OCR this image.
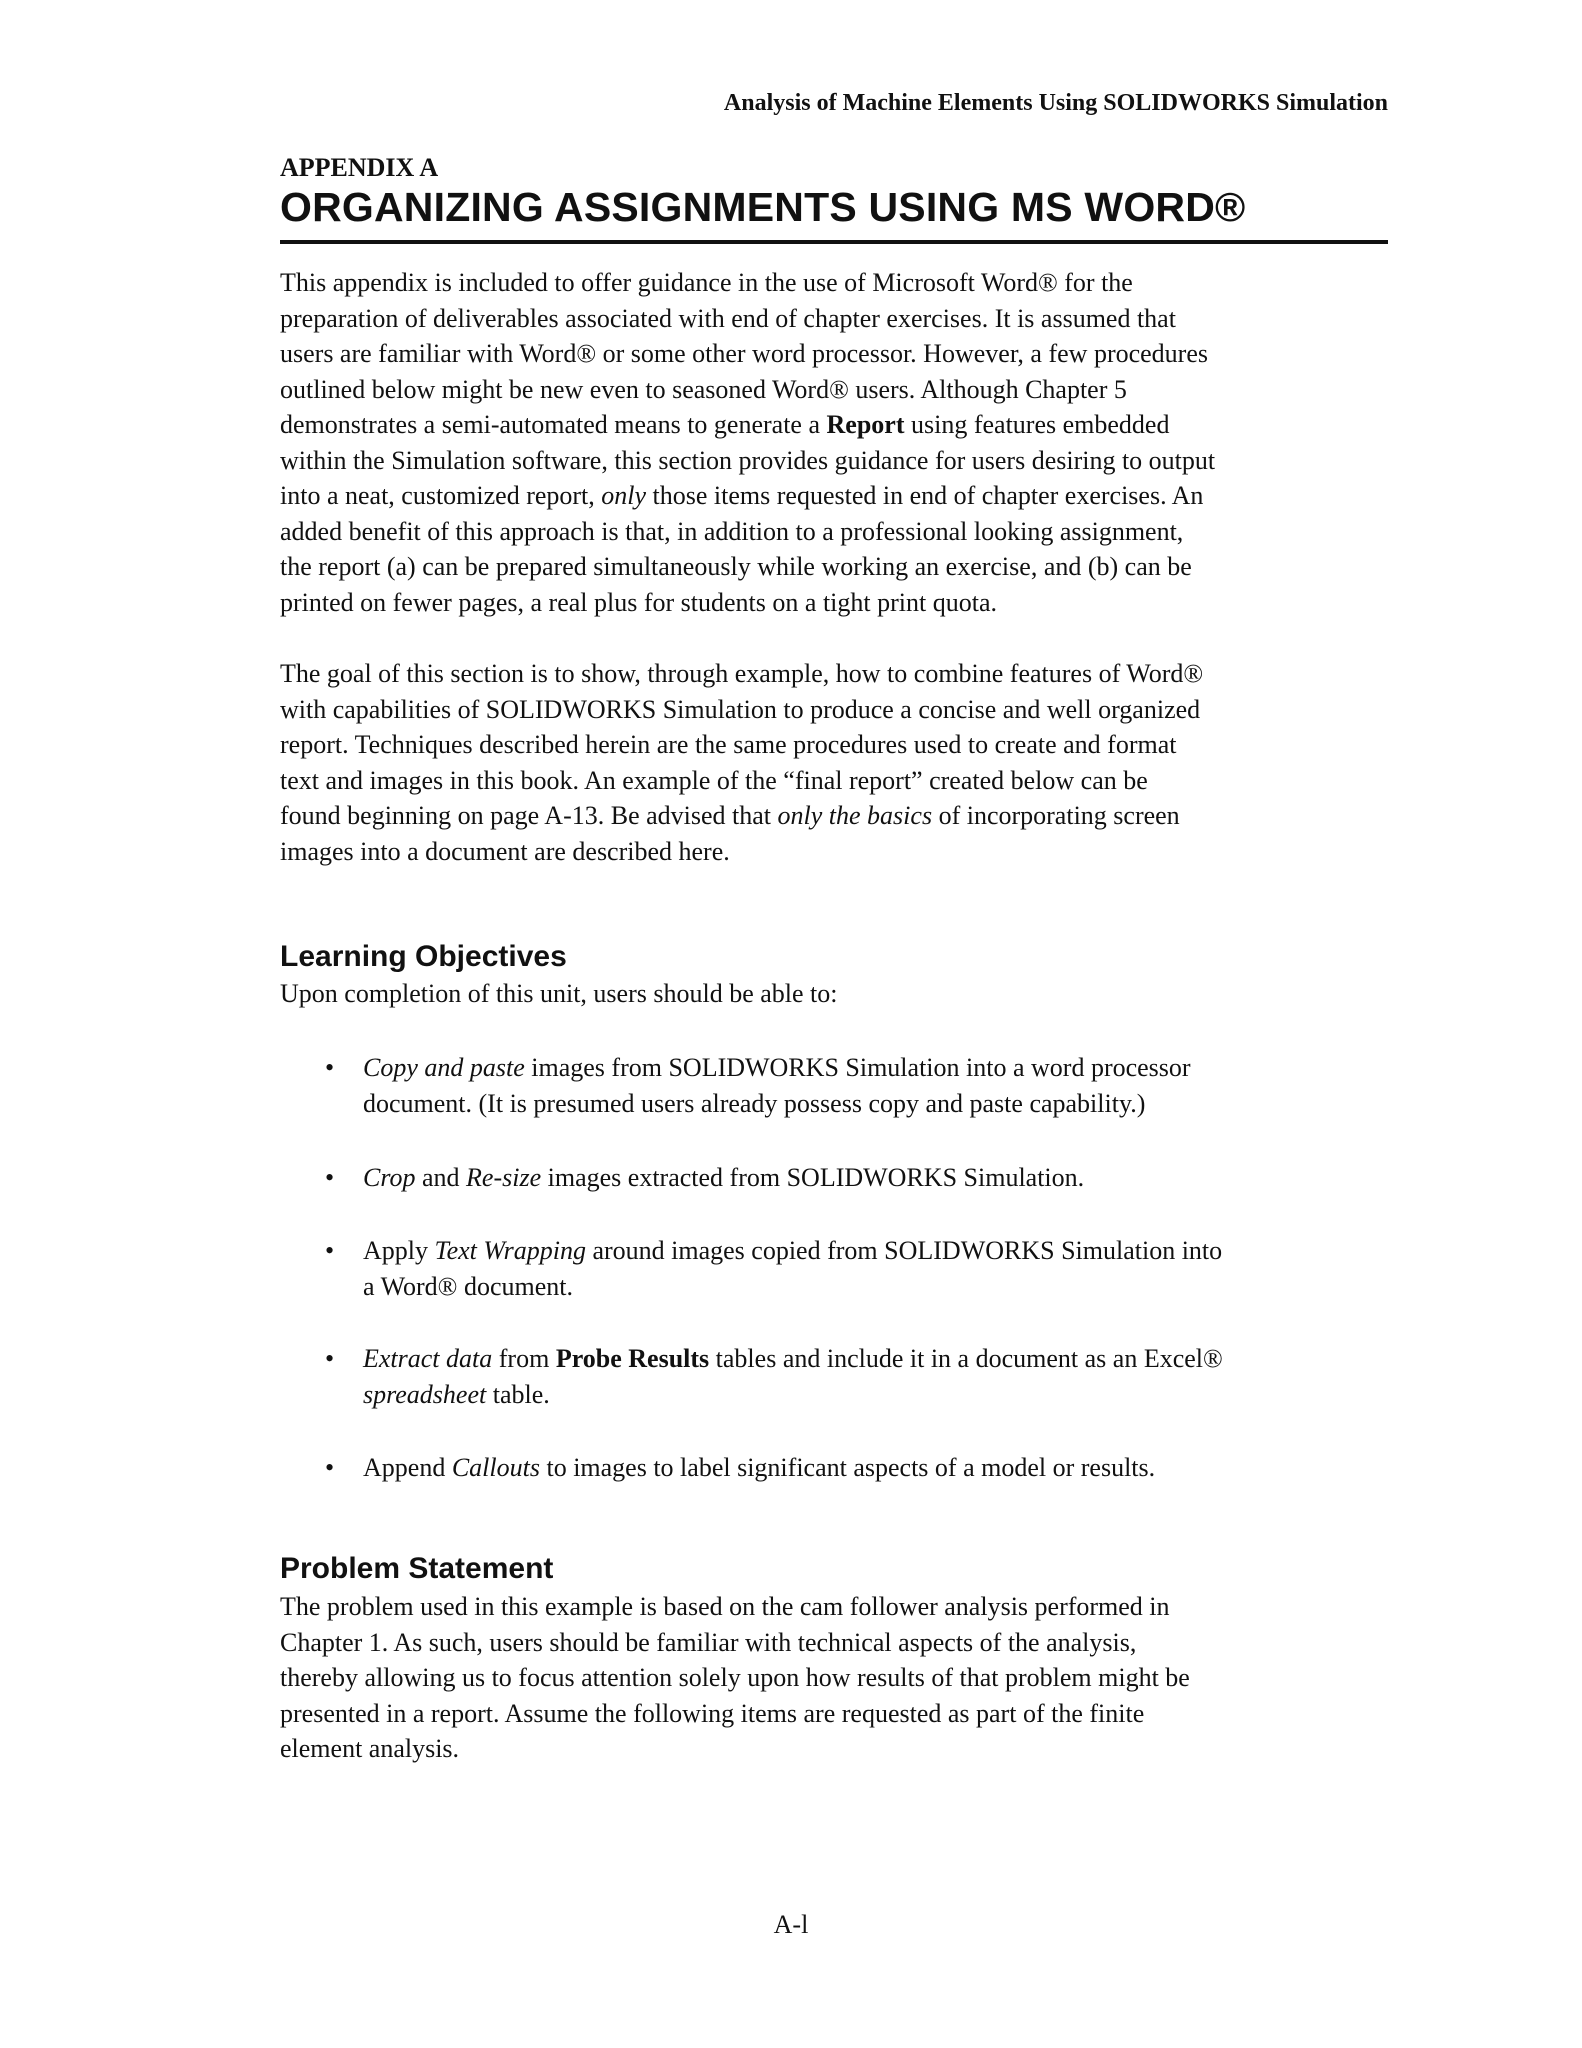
Analysis of Machine Elements Using SOLIDWORKS Simulation
APPENDIX A
ORGANIZING ASSIGNMENTS USING MS WORD®
This appendix is included to offer guidance in the use of Microsoft Word® for the
preparation of deliverables associated with end of chapter exercises. It is assumed that
users are familiar with Word® or some other word processor. However, a few procedures
outlined below might be new even to seasoned Word® users. Although Chapter 5
demonstrates a semi-automated means to generate a Report using features embedded
within the Simulation software, this section provides guidance for users desiring to output
into a neat, customized report, only those items requested in end of chapter exercises. An
added benefit of this approach is that, in addition to a professional looking assignment,
the report (a) can be prepared simultaneously while working an exercise, and (b) can be
printed on fewer pages, a real plus for students on a tight print quota.
The goal of this section is to show, through example, how to combine features of Word®
with capabilities of SOLIDWORKS Simulation to produce a concise and well organized
report. Techniques described herein are the same procedures used to create and format
text and images in this book. An example of the “final report” created below can be
found beginning on page A-13. Be advised that only the basics of incorporating screen
images into a document are described here.
Learning Objectives
Upon completion of this unit, users should be able to:
• Copy and paste images from SOLIDWORKS Simulation into a word processor
document. (It is presumed users already possess copy and paste capability.)
• Crop and Re-size images extracted from SOLIDWORKS Simulation.
• Apply Text Wrapping around images copied from SOLIDWORKS Simulation into
a Word® document.
• Extract data from Probe Results tables and include it in a document as an Excel®
spreadsheet table.
• Append Callouts to images to label significant aspects of a model or results.
Problem Statement
The problem used in this example is based on the cam follower analysis performed in
Chapter 1. As such, users should be familiar with technical aspects of the analysis,
thereby allowing us to focus attention solely upon how results of that problem might be
presented in a report. Assume the following items are requested as part of the finite
element analysis.
A-l
